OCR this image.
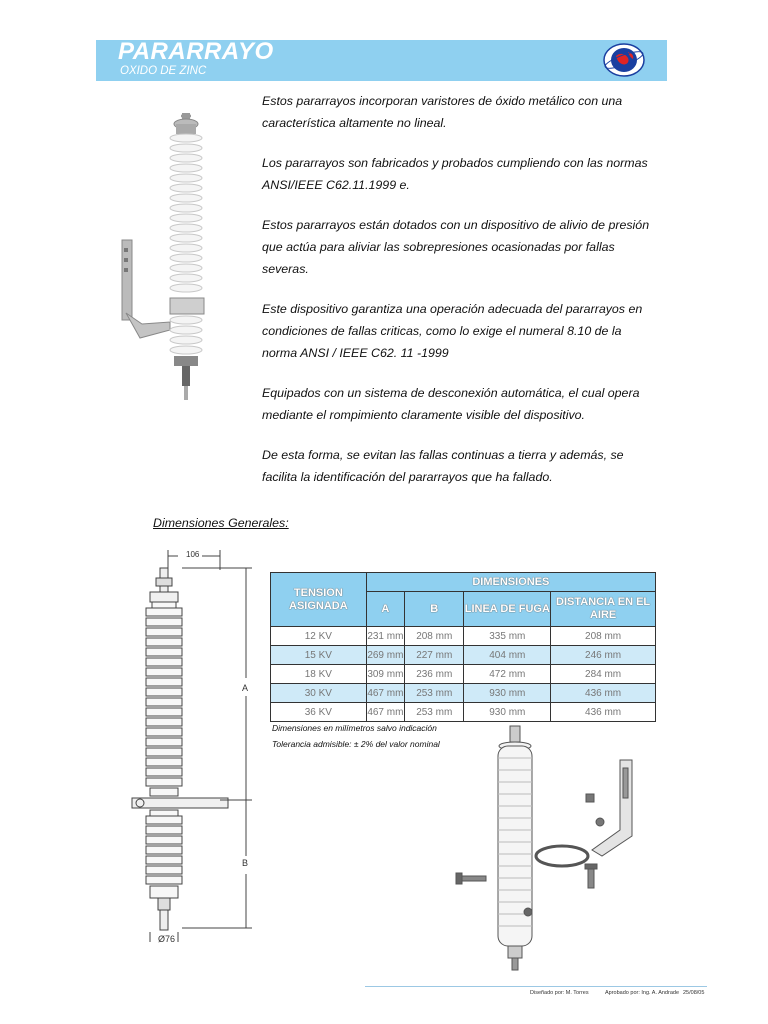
PARARRAYO
OXIDO DE ZINC

Estos pararrayos incorporan varistores de óxido metálico con una característica altamente no lineal.

Los pararrayos son fabricados y probados cumpliendo con las normas ANSI/IEEE C62.11.1999 e.

Estos pararrayos están dotados con un dispositivo de alivio de presión que actúa para aliviar las sobrepresiones ocasionadas por fallas severas.

Este dispositivo garantiza una operación adecuada del pararrayos en condiciones de fallas criticas, como lo exige el numeral 8.10 de la norma ANSI / IEEE C62. 11 -1999

Equipados con un sistema de desconexión automática, el cual opera mediante el rompimiento claramente visible del dispositivo.

De esta forma, se evitan las fallas continuas a tierra y además, se facilita la identificación del pararrayos que ha fallado.

Dimensiones Generales:
106
A
B
Ø76
TENSION ASIGNADA	DIMENSIONES			
	A	B	LINEA DE FUGA	DISTANCIA EN EL AIRE
12 KV	231 mm	208 mm	335 mm	208 mm
15 KV	269 mm	227 mm	404 mm	246 mm
18 KV	309 mm	236 mm	472 mm	284 mm
30 KV	467 mm	253 mm	930 mm	436 mm
36 KV	467 mm	253 mm	930 mm	436 mm
Dimensiones en milímetros salvo indicación
Tolerancia admisible: ± 2% del valor nominal
Diseñado por: M. Torres	Aprobado por: Ing. A. Andrade 25/08/05
